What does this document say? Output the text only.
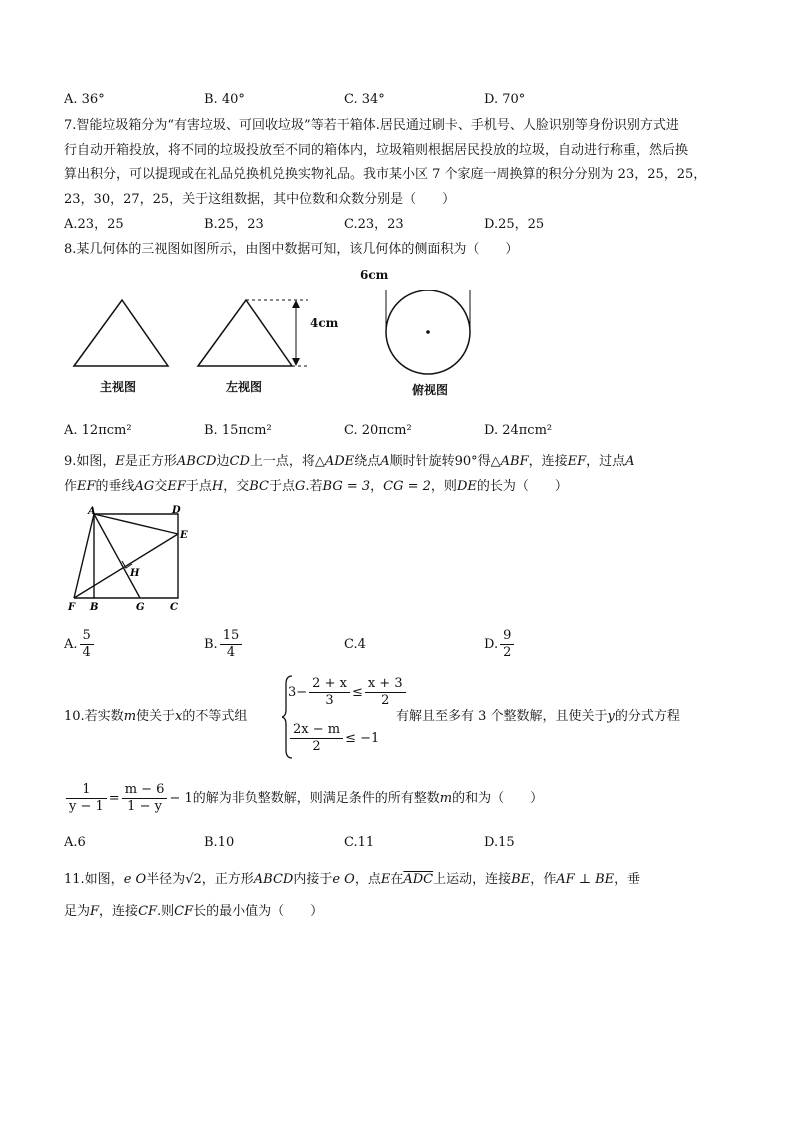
A. 36°	B. 40°	C. 34°	D. 70°
7.智能垃圾箱分为“有害垃圾、可回收垃圾”等若干箱体.居民通过刷卡、手机号、人脸识别等身份识别方式进
行自动开箱投放，将不同的垃圾投放至不同的箱体内，垃圾箱则根据居民投放的垃圾，自动进行称重，然后换
算出积分，可以提现或在礼品兑换机兑换实物礼品。我市某小区 7 个家庭一周换算的积分分别为 23，25，25，
23，30，27，25，关于这组数据，其中位数和众数分别是（　　）
A.23，25	B.25，23	C.23，23	D.25，25
8.某几何体的三视图如图所示，由图中数据可知，该几何体的侧面积为（　　）
6cm
4cm
主视图	左视图	俯视图
A. 12πcm²	B. 15πcm²	C. 20πcm²	D. 24πcm²
9.如图，E是正方形ABCD边CD上一点，将△ADE绕点A顺时针旋转90°得△ABF，连接EF，过点A
作EF的垂线AG交EF于点H，交BC于点G.若BG = 3，CG = 2，则DE的长为（　　）
A	D
E
H
F B	G	C
A. $\frac{5}{4}$	B. $\frac{15}{4}$	C.4	D. $\frac{9}{2}$
10.若实数m使关于x的不等式组
$3- \frac{2 + x}{3} \le \frac{x + 3}{2}$
$\frac{2x - m}{2} \le -1$
有解且至多有 3 个整数解，且使关于y的分式方程
$\frac{1}{y - 1} = \frac{m - 6}{1 - y} - 1$的解为非负整数解，则满足条件的所有整数m的和为（　　）
A.6	B.10	C.11	D.15
11.如图，e O半径为√2，正方形ABCD内接于e O，点E在$\overline{ADC}$上运动，连接BE，作AF ⊥ BE，垂
足为F，连接CF.则CF长的最小值为（　　）
